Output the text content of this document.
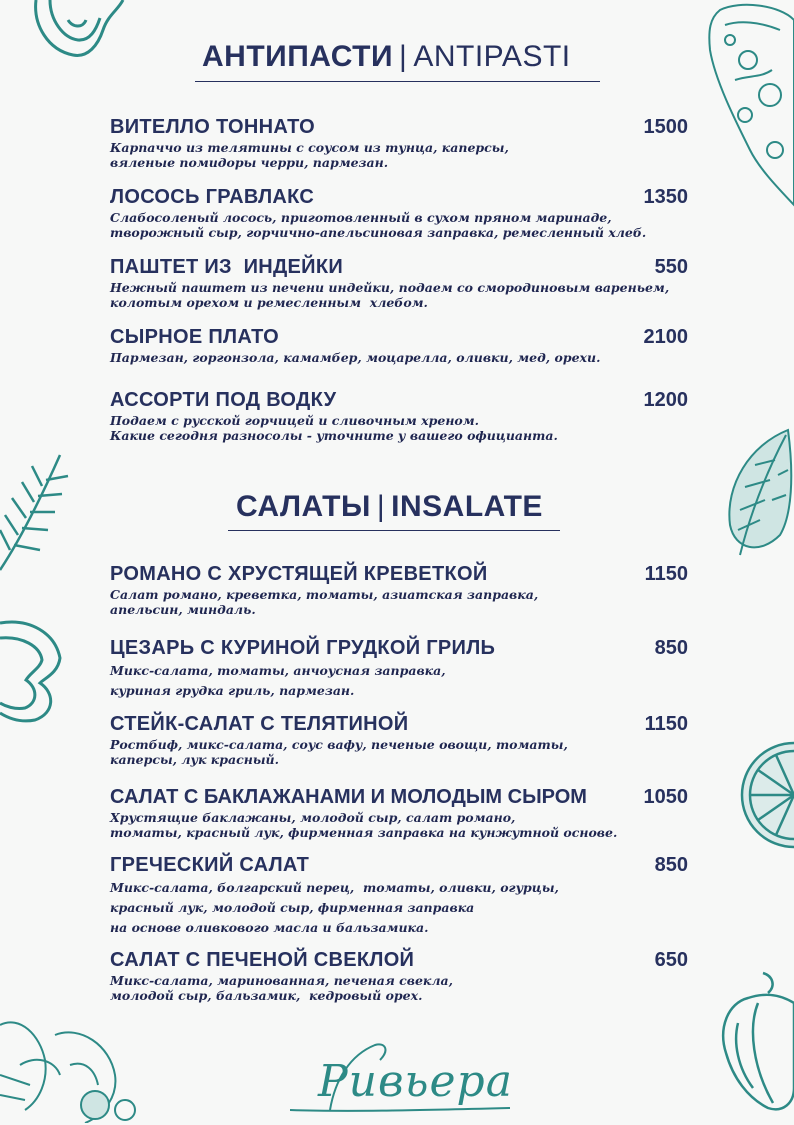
АНТИПАСТИ | ANTIPASTI
ВИТЕЛЛО ТОННАТО	1500
Карпаччо из телятины с соусом из тунца, каперсы,
вяленые помидоры черри, пармезан.
ЛОСОСЬ ГРАВЛАКС	1350
Слабосоленый лосось, приготовленный в сухом пряном маринаде,
творожный сыр, горчично-апельсиновая заправка, ремесленный хлеб.
ПАШТЕТ ИЗ  ИНДЕЙКИ	550
Нежный паштет из печени индейки, подаем со смородиновым вареньем,
колотым орехом и ремесленным  хлебом.
СЫРНОЕ ПЛАТО	2100
Пармезан, горгонзола, камамбер, моцарелла, оливки, мед, орехи.
АССОРТИ ПОД ВОДКУ	1200
Подаем с русской горчицей и сливочным хреном.
Какие сегодня разносолы - уточните у вашего официанта.
САЛАТЫ | INSALATE
РОМАНО С ХРУСТЯЩЕЙ КРЕВЕТКОЙ	1150
Салат романо, креветка, томаты, азиатская заправка,
апельсин, миндаль.
ЦЕЗАРЬ С КУРИНОЙ ГРУДКОЙ ГРИЛЬ	850
Микс-салата, томаты, анчоусная заправка,
куриная грудка гриль, пармезан.
СТЕЙК-САЛАТ С ТЕЛЯТИНОЙ	1150
Ростбиф, микс-салата, соус вафу, печеные овощи, томаты,
каперсы, лук красный.
САЛАТ С БАКЛАЖАНАМИ И МОЛОДЫМ СЫРОМ	1050
Хрустящие баклажаны, молодой сыр, салат романо,
томаты, красный лук, фирменная заправка на кунжутной основе.
ГРЕЧЕСКИЙ САЛАТ	850
Микс-салата, болгарский перец,  томаты, оливки, огурцы,
красный лук, молодой сыр, фирменная заправка
на основе оливкового масла и бальзамика.
САЛАТ С ПЕЧЕНОЙ СВЕКЛОЙ	650
Микс-салата, маринованная, печеная свекла,
молодой сыр, бальзамик,  кедровый орех.
Ривьера
